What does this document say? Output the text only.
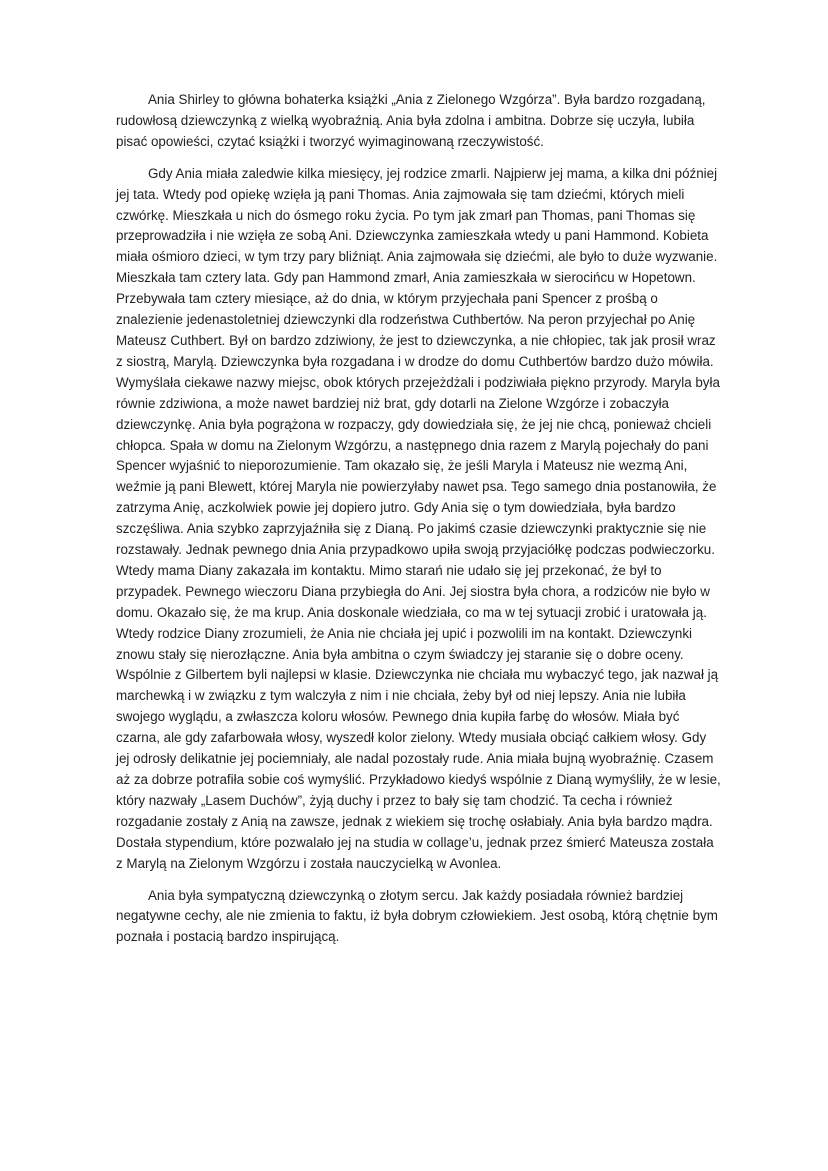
Ania Shirley to główna bohaterka książki „Ania z Zielonego Wzgórza”. Była bardzo rozgadaną, rudowłosą dziewczynką z wielką wyobraźnią. Ania była zdolna i ambitna. Dobrze się uczyła, lubiła pisać opowieści, czytać książki i tworzyć wyimaginowaną rzeczywistość.

Gdy Ania miała zaledwie kilka miesięcy, jej rodzice zmarli. Najpierw jej mama, a kilka dni później jej tata. Wtedy pod opiekę wzięła ją pani Thomas. Ania zajmowała się tam dziećmi, których mieli czwórkę. Mieszkała u nich do ósmego roku życia. Po tym jak zmarł pan Thomas, pani Thomas się przeprowadziła i nie wzięła ze sobą Ani. Dziewczynka zamieszkała wtedy u pani Hammond. Kobieta miała ośmioro dzieci, w tym trzy pary bliźniąt. Ania zajmowała się dziećmi, ale było to duże wyzwanie. Mieszkała tam cztery lata. Gdy pan Hammond zmarł, Ania zamieszkała w sierocińcu w Hopetown. Przebywała tam cztery miesiące, aż do dnia, w którym przyjechała pani Spencer z prośbą o znalezienie jedenastoletniej dziewczynki dla rodzeństwa Cuthbertów. Na peron przyjechał po Anię Mateusz Cuthbert. Był on bardzo zdziwiony, że jest to dziewczynka, a nie chłopiec, tak jak prosił wraz z siostrą, Marylą. Dziewczynka była rozgadana i w drodze do domu Cuthbertów bardzo dużo mówiła. Wymyślała ciekawe nazwy miejsc, obok których przejeżdżali i podziwiała piękno przyrody. Maryla była równie zdziwiona, a może nawet bardziej niż brat, gdy dotarli na Zielone Wzgórze i zobaczyła dziewczynkę. Ania była pogrążona w rozpaczy, gdy dowiedziała się, że jej nie chcą, ponieważ chcieli chłopca. Spała w domu na Zielonym Wzgórzu, a następnego dnia razem z Marylą pojechały do pani Spencer wyjaśnić to nieporozumienie. Tam okazało się, że jeśli Maryla i Mateusz nie wezmą Ani, weźmie ją pani Blewett, której Maryla nie powierzyłaby nawet psa. Tego samego dnia postanowiła, że zatrzyma Anię, aczkolwiek powie jej dopiero jutro. Gdy Ania się o tym dowiedziała, była bardzo szczęśliwa. Ania szybko zaprzyjaźniła się z Dianą. Po jakimś czasie dziewczynki praktycznie się nie rozstawały. Jednak pewnego dnia Ania przypadkowo upiła swoją przyjaciółkę podczas podwieczorku. Wtedy mama Diany zakazała im kontaktu. Mimo starań nie udało się jej przekonać, że był to przypadek. Pewnego wieczoru Diana przybiegła do Ani. Jej siostra była chora, a rodziców nie było w domu. Okazało się, że ma krup. Ania doskonale wiedziała, co ma w tej sytuacji zrobić i uratowała ją. Wtedy rodzice Diany zrozumieli, że Ania nie chciała jej upić i pozwolili im na kontakt. Dziewczynki znowu stały się nierozłączne. Ania była ambitna o czym świadczy jej staranie się o dobre oceny. Wspólnie z Gilbertem byli najlepsi w klasie. Dziewczynka nie chciała mu wybaczyć tego, jak nazwał ją marchewką i w związku z tym walczyła z nim i nie chciała, żeby był od niej lepszy. Ania nie lubiła swojego wyglądu, a zwłaszcza koloru włosów. Pewnego dnia kupiła farbę do włosów. Miała być czarna, ale gdy zafarbowała włosy, wyszedł kolor zielony. Wtedy musiała obciąć całkiem włosy. Gdy jej odrosły delikatnie jej pociemniały, ale nadal pozostały rude. Ania miała bujną wyobraźnię. Czasem aż za dobrze potrafiła sobie coś wymyślić. Przykładowo kiedyś wspólnie z Dianą wymyśliły, że w lesie, który nazwały „Lasem Duchów”, żyją duchy i przez to bały się tam chodzić. Ta cecha i również rozgadanie zostały z Anią na zawsze, jednak z wiekiem się trochę osłabiały. Ania była bardzo mądra. Dostała stypendium, które pozwalało jej na studia w collage’u, jednak przez śmierć Mateusza została z Marylą na Zielonym Wzgórzu i została nauczycielką w Avonlea.

Ania była sympatyczną dziewczynką o złotym sercu. Jak każdy posiadała również bardziej negatywne cechy, ale nie zmienia to faktu, iż była dobrym człowiekiem. Jest osobą, którą chętnie bym poznała i postacią bardzo inspirującą.
